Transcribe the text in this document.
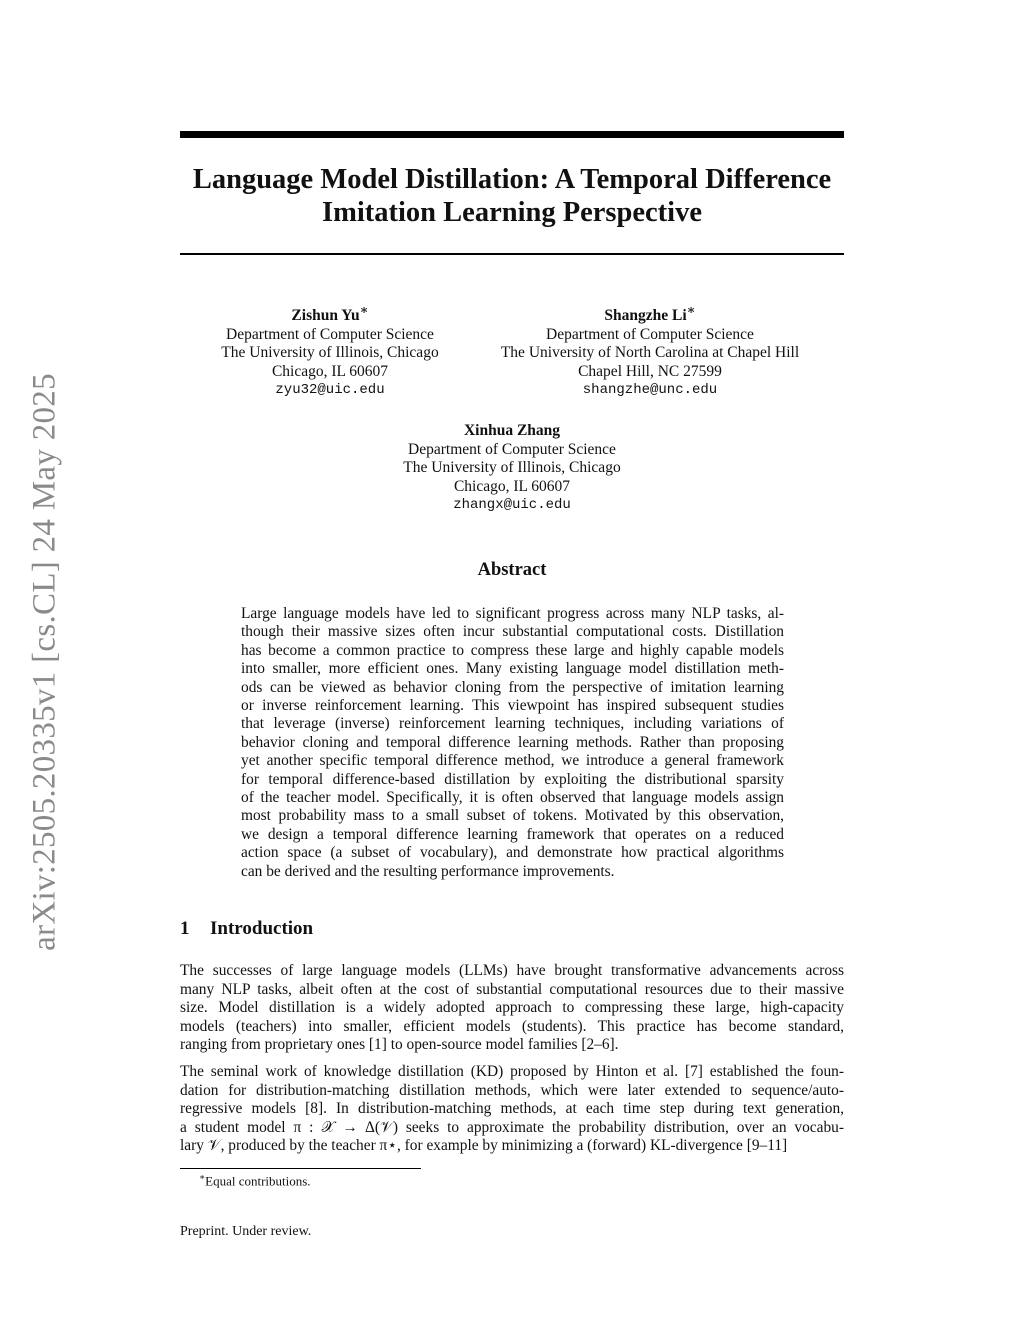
arXiv:2505.20335v1 [cs.CL] 24 May 2025
Language Model Distillation: A Temporal Difference
Imitation Learning Perspective
Zishun Yu∗
Department of Computer Science
The University of Illinois, Chicago
Chicago, IL 60607
zyu32@uic.edu
Shangzhe Li∗
Department of Computer Science
The University of North Carolina at Chapel Hill
Chapel Hill, NC 27599
shangzhe@unc.edu
Xinhua Zhang
Department of Computer Science
The University of Illinois, Chicago
Chicago, IL 60607
zhangx@uic.edu
Abstract
Large language models have led to significant progress across many NLP tasks, al-
though their massive sizes often incur substantial computational costs. Distillation
has become a common practice to compress these large and highly capable models
into smaller, more efficient ones. Many existing language model distillation meth-
ods can be viewed as behavior cloning from the perspective of imitation learning
or inverse reinforcement learning. This viewpoint has inspired subsequent studies
that leverage (inverse) reinforcement learning techniques, including variations of
behavior cloning and temporal difference learning methods. Rather than proposing
yet another specific temporal difference method, we introduce a general framework
for temporal difference-based distillation by exploiting the distributional sparsity
of the teacher model. Specifically, it is often observed that language models assign
most probability mass to a small subset of tokens. Motivated by this observation,
we design a temporal difference learning framework that operates on a reduced
action space (a subset of vocabulary), and demonstrate how practical algorithms
can be derived and the resulting performance improvements.
1 Introduction
The successes of large language models (LLMs) have brought transformative advancements across
many NLP tasks, albeit often at the cost of substantial computational resources due to their massive
size. Model distillation is a widely adopted approach to compressing these large, high-capacity
models (teachers) into smaller, efficient models (students). This practice has become standard,
ranging from proprietary ones [1] to open-source model families [2–6].
The seminal work of knowledge distillation (KD) proposed by Hinton et al. [7] established the foun-
dation for distribution-matching distillation methods, which were later extended to sequence/auto-
regressive models [8]. In distribution-matching methods, at each time step during text generation,
a student model π : 𝒳 → Δ(𝒱) seeks to approximate the probability distribution, over an vocabu-
lary 𝒱, produced by the teacher π⋆, for example by minimizing a (forward) KL-divergence [9–11]
∗Equal contributions.
Preprint. Under review.
